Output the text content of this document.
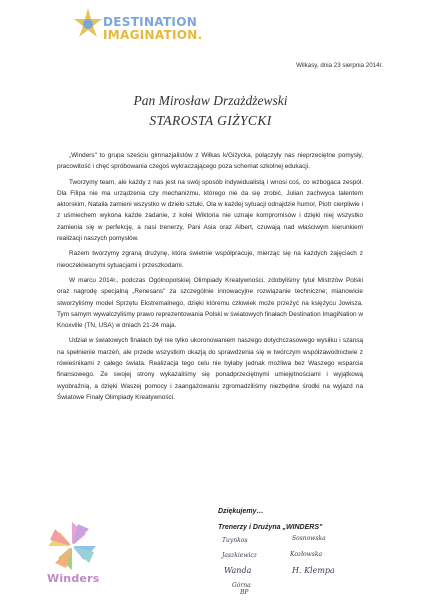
DESTINATION
IMAGINATION.
Wilkasy, dnia 23 sierpnia 2014r.
Pan Mirosław Drzażdżewski
STAROSTA GIŻYCKI

„Winders" to grupa sześciu gimnazjalistów z Wilkas k/Giżycka, połączyły nas nieprzeciętne pomysły, pracowitość i chęć spróbowania czegoś wykraczającego poza schemat szkolnej edukacji.

Tworzymy team, ale każdy z nas jest na swój sposób indywidualistą i wnosi coś, co wzbogaca zespół. Dla Filipa nie ma urządzenia czy mechanizmu, którego nie da się zrobić, Julian zachwyca talentem aktorskim, Natalia zamieni wszystko w dzieło sztuki, Ola w każdej sytuacji odnajdzie humor, Piotr cierpliwie i z uśmiechem wykona każde zadanie, z kolei Wiktoria nie uznaje kompromisów i dzięki niej wszystko zamienia się w perfekcję, a nasi trenerzy, Pani Asia oraz Albert, czuwają nad właściwym kierunkiem realizacji naszych pomysłów.

Razem tworzymy zgraną drużynę, która świetnie współpracuje, mierząc się na każdych zajęciach z nieoczekiwanymi sytuacjami i przeszkodami.

W marcu 2014r., podczas Ogólnopolskiej Olimpiady Kreatywności, zdobyliśmy tytuł Mistrzów Polski oraz nagrodę specjalną „Renesans" za szczególnie innowacyjne rozwiązanie techniczne; mianowicie stworzyliśmy model Sprzętu Ekstremalnego, dzięki któremu człowiek może przeżyć na księżycu Jowisza. Tym samym wywalczyliśmy prawo reprezentowania Polski w światowych finałach Destination ImagiNation w Knoxville (TN, USA) w dniach 21-24 maja.

Udział w światowych finałach był nie tylko ukoronowaniem naszego dotychczasowego wysiłku i szansą na spełnienie marzeń, ale przede wszystkim okazją do sprawdzenia się w twórczym współzawodnictwie z rówieśnikami z całego świata. Realizacja tego celu nie byłaby jednak możliwa bez Waszego wsparcia finansowego. Ze swojej strony wykazaliśmy się ponadprzeciętnymi umiejętnościami i wyjątkową wyobraźnią, a dzięki Waszej pomocy i zaangażowaniu zgromadziliśmy niezbędne środki na wyjazd na Światowe Finały Olimpiady Kreatywności.

Dziękujemy…
Trenerzy i Drużyna „WINDERS"
Tuynkos	Sosnowska
Jaszkiewicz	Kozłowska
Wanda	H. Klempa
Górna
BP
Winders
